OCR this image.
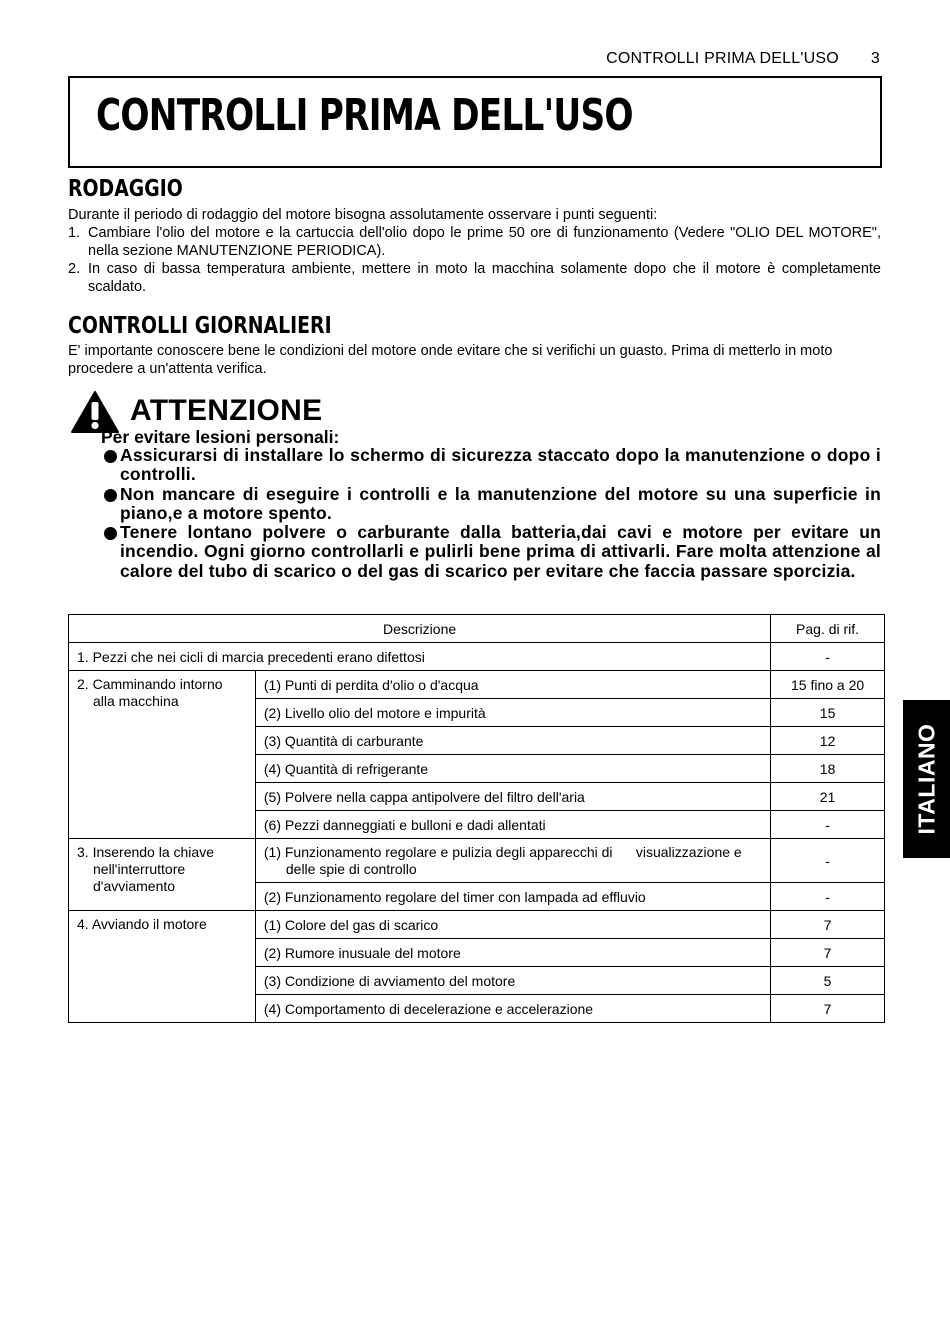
CONTROLLI PRIMA DELL'USO 3
CONTROLLI PRIMA DELL'USO
RODAGGIO
Durante il periodo di rodaggio del motore bisogna assolutamente osservare i punti seguenti:
1. Cambiare l'olio del motore e la cartuccia dell'olio dopo le prime 50 ore di funzionamento (Vedere "OLIO DEL MOTORE", nella sezione MANUTENZIONE PERIODICA).
2. In caso di bassa temperatura ambiente, mettere in moto la macchina solamente dopo che il motore è completamente scaldato.
CONTROLLI GIORNALIERI
E' importante conoscere bene le condizioni del motore onde evitare che si verifichi un guasto. Prima di metterlo in moto procedere a un'attenta verifica.
ATTENZIONE
Per evitare lesioni personali:
Assicurarsi di installare lo schermo di sicurezza staccato dopo la manutenzione o dopo i controlli.
Non mancare di eseguire i controlli e la manutenzione del motore su una superficie in piano,e a motore spento.
Tenere lontano polvere o carburante dalla batteria,dai cavi e motore per evitare un incendio. Ogni giorno controllarli e pulirli bene prima di attivarli. Fare molta attenzione al calore del tubo di scarico o del gas di scarico per evitare che faccia passare sporcizia.
Descrizione		Pag. di rif.
1. Pezzi che nei cicli di marcia precedenti erano difettosi		-

2. Camminando intorno alla macchina	(1) Punti di perdita d'olio o d'acqua	15 fino a 20
	(2) Livello olio del motore e impurità	15
	(3) Quantità di carburante	12
	(4) Quantità di refrigerante	18
	(5) Polvere nella cappa antipolvere del filtro dell'aria	21
	(6) Pezzi danneggiati e bulloni e dadi allentati	-

3. Inserendo la chiave nell'interruttore d'avviamento	(1) Funzionamento regolare e pulizia degli apparecchi di      visualizzazione e delle spie di controllo	-
	(2) Funzionamento regolare del timer con lampada ad effluvio	-

4. Avviando il motore	(1) Colore del gas di scarico	7
	(2) Rumore inusuale del motore	7
	(3) Condizione di avviamento del motore	5
	(4) Comportamento di decelerazione e accelerazione	7
ITALIANO
